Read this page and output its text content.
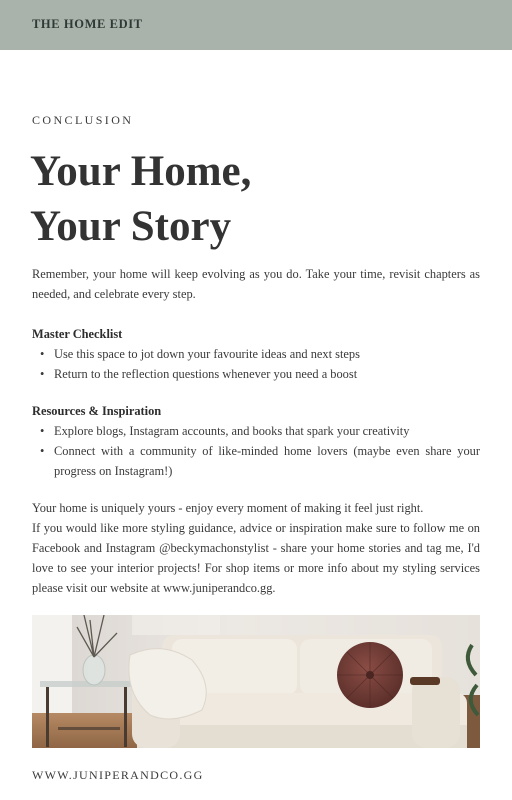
THE HOME EDIT
CONCLUSION
Your Home,
Your Story

Remember, your home will keep evolving as you do. Take your time, revisit chapters as needed, and celebrate every step.

Master Checklist

• Use this space to jot down your favourite ideas and next steps
• Return to the reflection questions whenever you need a boost

Resources & Inspiration

• Explore blogs, Instagram accounts, and books that spark your creativity
• Connect with a community of like-minded home lovers (maybe even share your progress on Instagram!)

Your home is uniquely yours - enjoy every moment of making it feel just right.

If you would like more styling guidance, advice or inspiration make sure to follow me on Facebook and Instagram @beckymachonstylist - share your home stories and tag me, I'd love to see your interior projects! For shop items or more info about my styling services please visit our website at www.juniperandco.gg.

WWW.JUNIPERANDCO.GG
